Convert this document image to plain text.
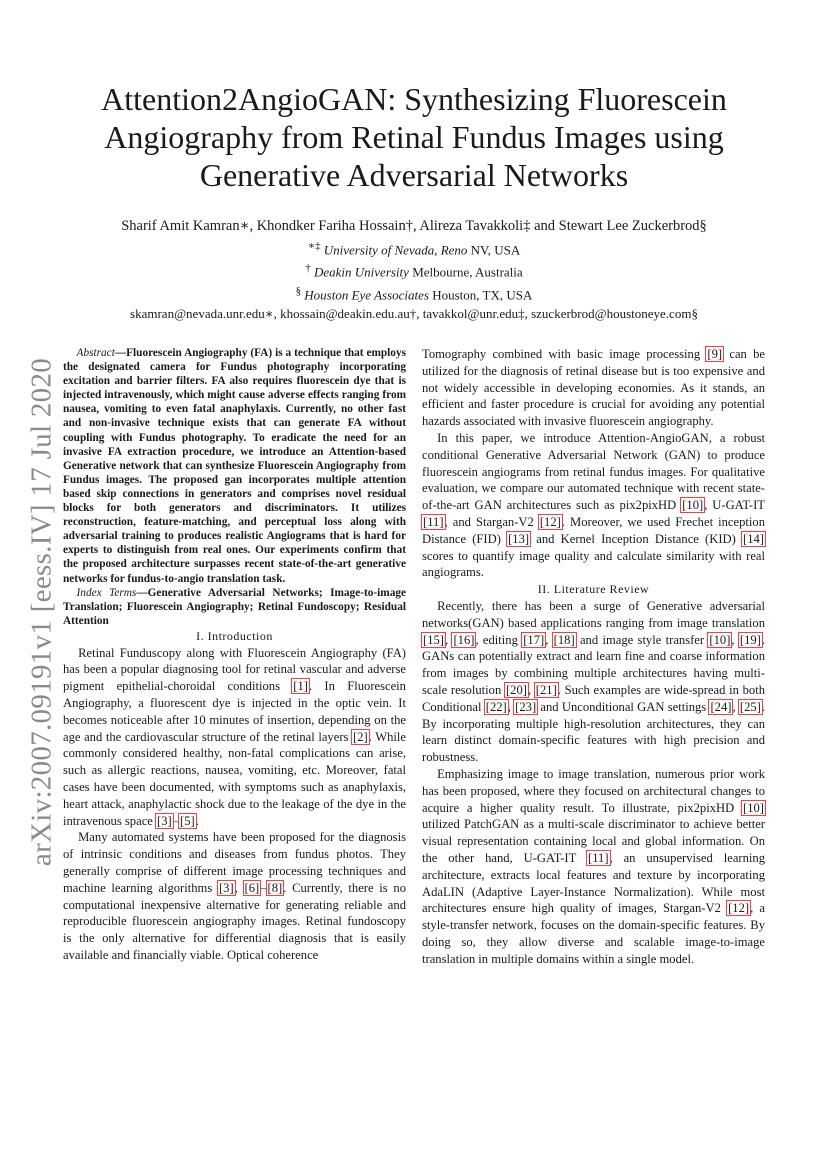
Attention2AngioGAN: Synthesizing Fluorescein Angiography from Retinal Fundus Images using Generative Adversarial Networks
Sharif Amit Kamran∗, Khondker Fariha Hossain†, Alireza Tavakkoli‡ and Stewart Lee Zuckerbrod§
∗‡ University of Nevada, Reno NV, USA
† Deakin University Melbourne, Australia
§ Houston Eye Associates Houston, TX, USA
skamran@nevada.unr.edu∗, khossain@deakin.edu.au†, tavakkol@unr.edu‡, szuckerbrod@houstoneye.com§
arXiv:2007.09191v1 [eess.IV] 17 Jul 2020

Abstract—Fluorescein Angiography (FA) is a technique that employs the designated camera for Fundus photography incorporating excitation and barrier filters. FA also requires fluorescein dye that is injected intravenously, which might cause adverse effects ranging from nausea, vomiting to even fatal anaphylaxis. Currently, no other fast and non-invasive technique exists that can generate FA without coupling with Fundus photography. To eradicate the need for an invasive FA extraction procedure, we introduce an Attention-based Generative network that can synthesize Fluorescein Angiography from Fundus images. The proposed gan incorporates multiple attention based skip connections in generators and comprises novel residual blocks for both generators and discriminators. It utilizes reconstruction, feature-matching, and perceptual loss along with adversarial training to produces realistic Angiograms that is hard for experts to distinguish from real ones. Our experiments confirm that the proposed architecture surpasses recent state-of-the-art generative networks for fundus-to-angio translation task.

Index Terms—Generative Adversarial Networks; Image-to-image Translation; Fluorescein Angiography; Retinal Fundoscopy; Residual Attention

I. Introduction

Retinal Funduscopy along with Fluorescein Angiography (FA) has been a popular diagnosing tool for retinal vascular and adverse pigment epithelial-choroidal conditions [1]. In Fluorescein Angiography, a fluorescent dye is injected in the optic vein. It becomes noticeable after 10 minutes of insertion, depending on the age and the cardiovascular structure of the retinal layers [2]. While commonly considered healthy, non-fatal complications can arise, such as allergic reactions, nausea, vomiting, etc. Moreover, fatal cases have been documented, with symptoms such as anaphylaxis, heart attack, anaphylactic shock due to the leakage of the dye in the intravenous space [3]–[5].

Many automated systems have been proposed for the diagnosis of intrinsic conditions and diseases from fundus photos. They generally comprise of different image processing techniques and machine learning algorithms [3], [6]–[8]. Currently, there is no computational inexpensive alternative for generating reliable and reproducible fluorescein angiography images. Retinal fundoscopy is the only alternative for differential diagnosis that is easily available and financially viable. Optical coherence

Tomography combined with basic image processing [9] can be utilized for the diagnosis of retinal disease but is too expensive and not widely accessible in developing economies. As it stands, an efficient and faster procedure is crucial for avoiding any potential hazards associated with invasive fluorescein angiography.

In this paper, we introduce Attention-AngioGAN, a robust conditional Generative Adversarial Network (GAN) to produce fluorescein angiograms from retinal fundus images. For qualitative evaluation, we compare our automated technique with recent state-of-the-art GAN architectures such as pix2pixHD [10], U-GAT-IT [11], and Stargan-V2 [12]. Moreover, we used Frechet inception Distance (FID) [13] and Kernel Inception Distance (KID) [14] scores to quantify image quality and calculate similarity with real angiograms.

II. Literature Review

Recently, there has been a surge of Generative adversarial networks(GAN) based applications ranging from image translation [15], [16], editing [17], [18] and image style transfer [10], [19]. GANs can potentially extract and learn fine and coarse information from images by combining multiple architectures having multi-scale resolution [20], [21]. Such examples are wide-spread in both Conditional [22], [23] and Unconditional GAN settings [24], [25]. By incorporating multiple high-resolution architectures, they can learn distinct domain-specific features with high precision and robustness.

Emphasizing image to image translation, numerous prior work has been proposed, where they focused on architectural changes to acquire a higher quality result. To illustrate, pix2pixHD [10] utilized PatchGAN as a multi-scale discriminator to achieve better visual representation containing local and global information. On the other hand, U-GAT-IT [11], an unsupervised learning architecture, extracts local features and texture by incorporating AdaLIN (Adaptive Layer-Instance Normalization). While most architectures ensure high quality of images, Stargan-V2 [12], a style-transfer network, focuses on the domain-specific features. By doing so, they allow diverse and scalable image-to-image translation in multiple domains within a single model.
